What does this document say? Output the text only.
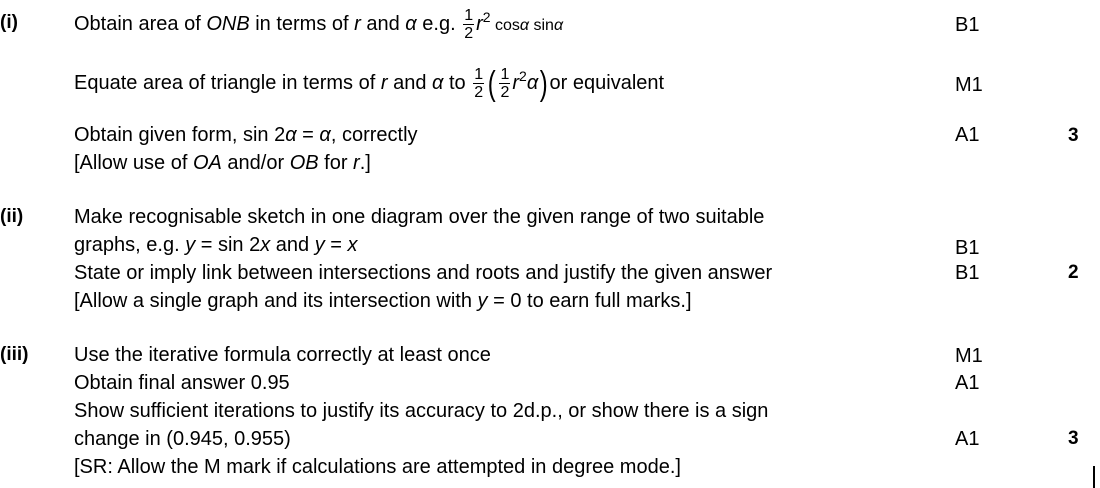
(i)	Obtain area of ONB in terms of r and α e.g. $\frac{1}{2} r^2$ cosα sinα	B1
Equate area of triangle in terms of r and α to $\frac{1}{2}$ ( $\frac{1}{2} r^2\alpha)or$ equivalent	M1
Obtain given form, sin 2α = α, correctly	A1	3
[Allow use of OA and/or OB for r.]
(ii)	Make recognisable sketch in one diagram over the given range of two suitable
graphs, e.g. y = sin 2x and y = x	B1
State or imply link between intersections and roots and justify the given answer	B1	2
[Allow a single graph and its intersection with y = 0 to earn full marks.]
(iii) Use the iterative formula correctly at least once	M1
Obtain final answer 0.95	A1
Show sufficient iterations to justify its accuracy to 2d.p., or show there is a sign
change in (0.945, 0.955)	A1	3
[SR: Allow the M mark if calculations are attempted in degree mode.]
